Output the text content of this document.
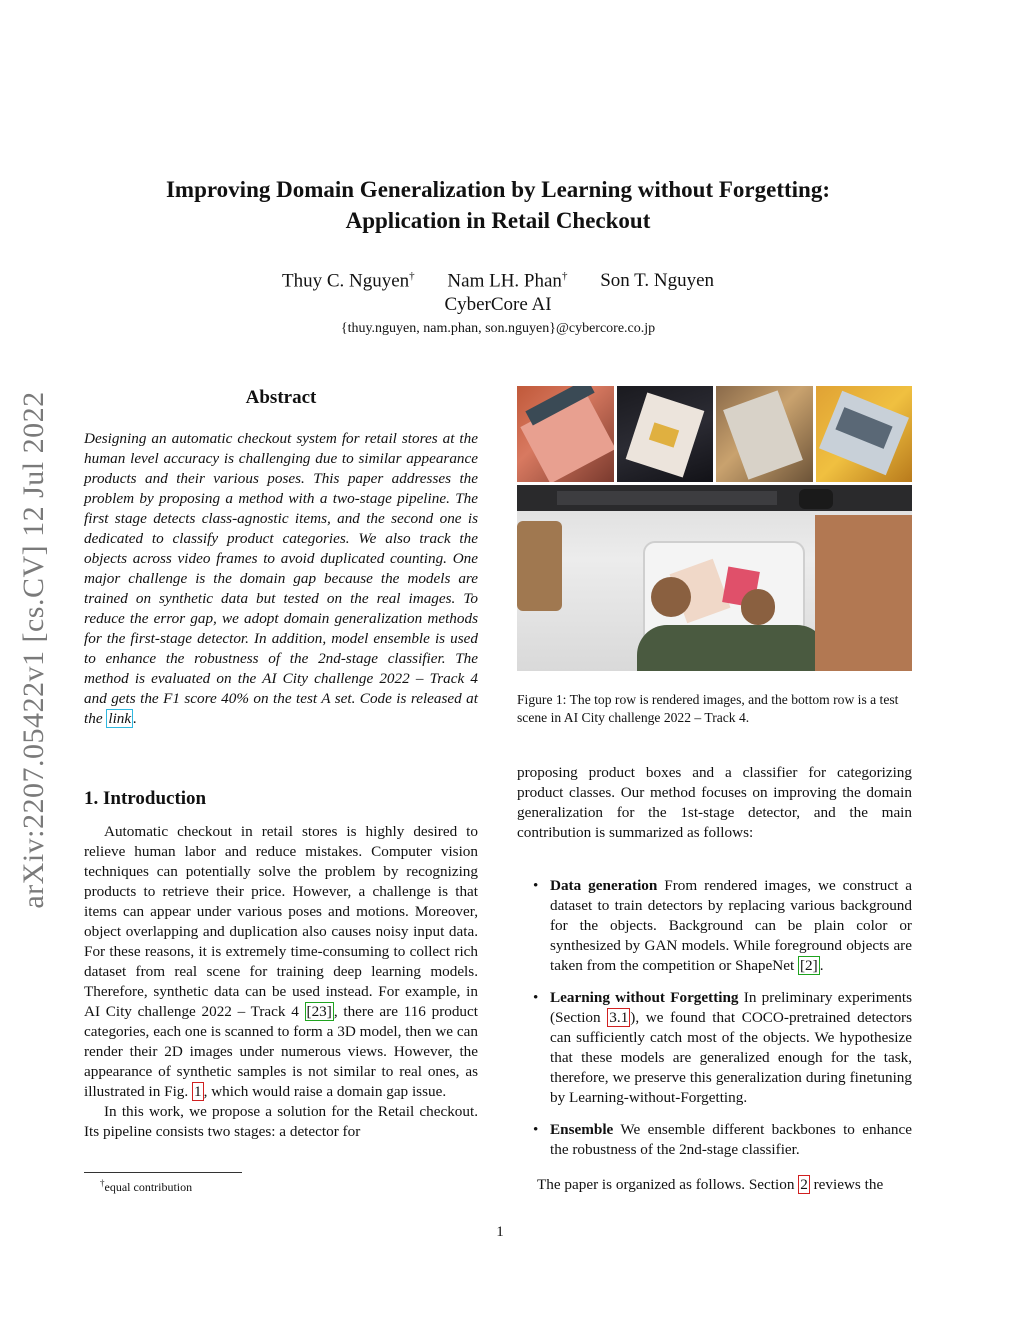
Improving Domain Generalization by Learning without Forgetting:
Application in Retail Checkout
Thuy C. Nguyen† Nam LH. Phan† Son T. Nguyen
CyberCore AI
{thuy.nguyen, nam.phan, son.nguyen}@cybercore.co.jp
arXiv:2207.05422v1 [cs.CV] 12 Jul 2022	Abstract
Designing an automatic checkout system for retail stores at the human level accuracy is challenging due to similar appearance products and their various poses. This paper addresses the problem by proposing a method with a two-stage pipeline. The first stage detects class-agnostic items, and the second one is dedicated to classify product categories. We also track the objects across video frames to avoid duplicated counting. One major challenge is the domain gap because the models are trained on synthetic data but tested on the real images. To reduce the error gap, we adopt domain generalization methods for the first-stage detector. In addition, model ensemble is used to enhance the robustness of the 2nd-stage classifier. The method is evaluated on the AI City challenge 2022 – Track 4 and gets the F1 score 40% on the test A set. Code is released at the link .
1. Introduction

Automatic checkout in retail stores is highly desired to relieve human labor and reduce mistakes. Computer vision techniques can potentially solve the problem by recognizing products to retrieve their price. However, a challenge is that items can appear under various poses and motions. Moreover, object overlapping and duplication also causes noisy input data. For these reasons, it is extremely time-consuming to collect rich dataset from real scene for training deep learning models. Therefore, synthetic data can be used instead. For example, in AI City challenge 2022 – Track 4 [23] , there are 116 product categories, each one is scanned to form a 3D model, then we can render their 2D images under numerous views. However, the appearance of synthetic samples is not similar to real ones, as illustrated in Fig. 1 , which would raise a domain gap issue.

In this work, we propose a solution for the Retail checkout. Its pipeline consists two stages: a detector for

†equal contribution
Figure 1: The top row is rendered images, and the bottom row is a test scene in AI City challenge 2022 – Track 4.

proposing product boxes and a classifier for categorizing product classes. Our method focuses on improving the domain generalization for the 1st-stage detector, and the main contribution is summarized as follows:

• Data generation From rendered images, we construct a dataset to train detectors by replacing various background for the objects. Background can be plain color or synthesized by GAN models. While foreground objects are taken from the competition or ShapeNet [2] .
• Learning without Forgetting In preliminary experiments (Section 3.1 ), we found that COCO-pretrained detectors can sufficiently catch most of the objects. We hypothesize that these models are generalized enough for the task, therefore, we preserve this generalization during finetuning by Learning-without-Forgetting.
• Ensemble We ensemble different backbones to enhance the robustness of the 2nd-stage classifier.
The paper is organized as follows. Section 2 reviews the
1
